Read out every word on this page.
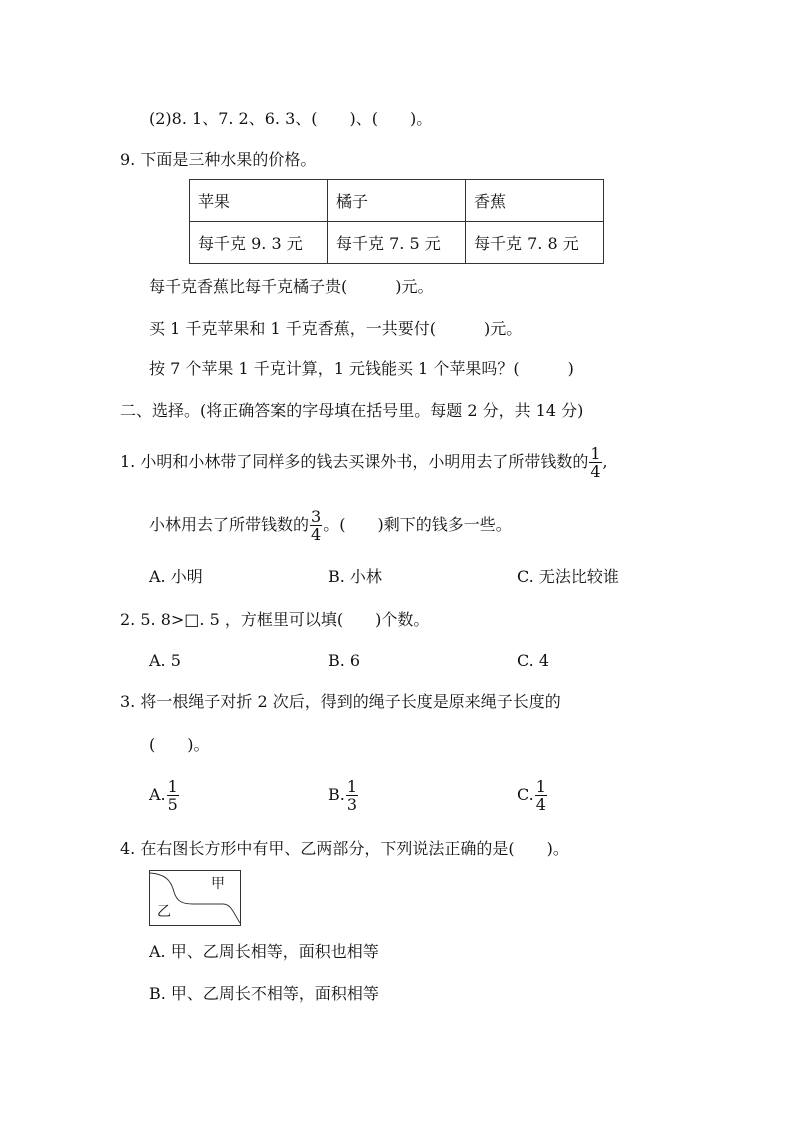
(2)8. 1、7. 2、6. 3、(　　)、(　　)。
9. 下面是三种水果的价格。
苹果	橘子	香蕉
每千克 9. 3 元	每千克 7. 5 元	每千克 7. 8 元
每千克香蕉比每千克橘子贵(　　　)元。
买 1 千克苹果和 1 千克香蕉，一共要付(　　　)元。
按 7 个苹果 1 千克计算，1 元钱能买 1 个苹果吗？(　　　)
二、选择。(将正确答案的字母填在括号里。每题 2 分，共 14 分)
1. 小明和小林带了同样多的钱去买课外书，小明用去了所带钱数的 $\frac{1}{4}$ ,
小林用去了所带钱数的 $\frac{3}{4}$ 。(　　)剩下的钱多一些。
A. 小明	B. 小林	C. 无法比较谁
2. 5. 8>□. 5 ，方框里可以填(　　)个数。
A. 5	B. 6	C. 4
3. 将一根绳子对折 2 次后，得到的绳子长度是原来绳子长度的
(　　)。
A. $\frac{1}{5}$	B. $\frac{1}{3}$	C. $\frac{1}{4}$
4. 在右图长方形中有甲、乙两部分，下列说法正确的是(　　)。
甲
乙
A. 甲、乙周长相等，面积也相等
B. 甲、乙周长不相等，面积相等
